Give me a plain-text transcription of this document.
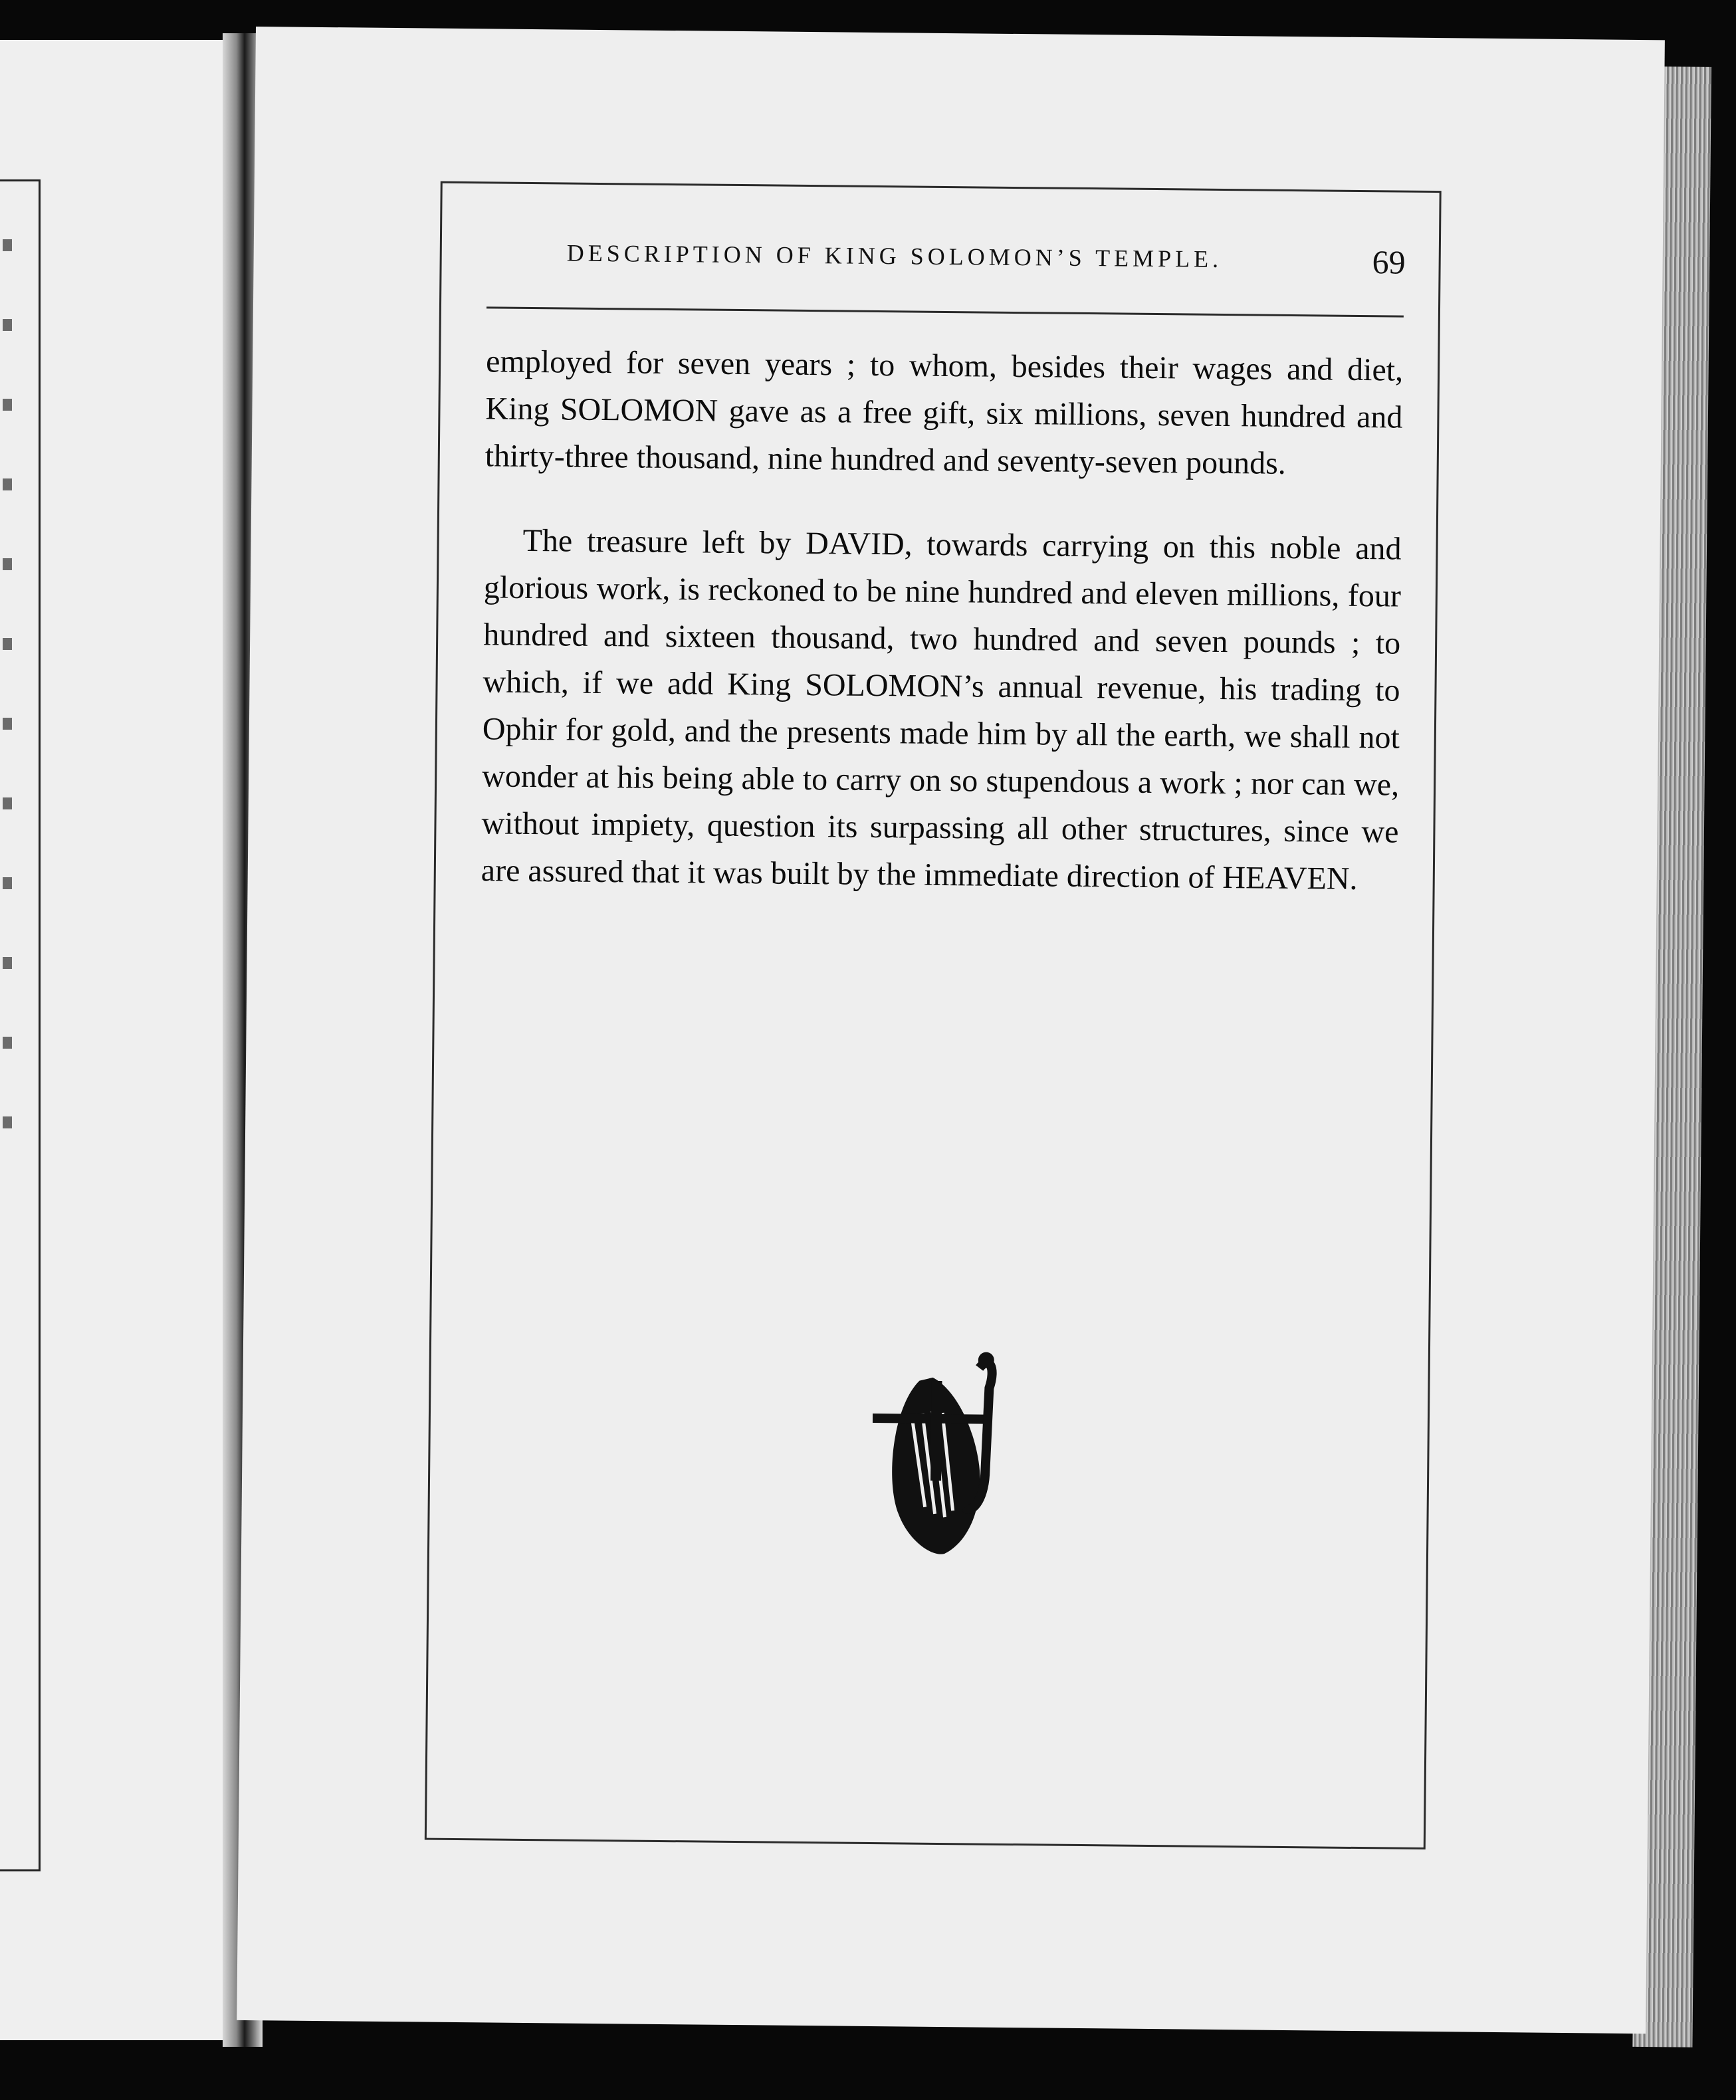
DESCRIPTION OF KING SOLOMON’S TEMPLE.	69

employed for seven years ; to whom, besides their wages and diet, King SOLOMON gave as a free gift, six millions, seven hundred and thirty-three thousand, nine hundred and seventy-seven pounds.

The treasure left by DAVID, towards carrying on this noble and glorious work, is reckoned to be nine hundred and eleven millions, four hundred and sixteen thousand, two hundred and seven pounds ; to which, if we add King SOLOMON’s annual revenue, his trading to Ophir for gold, and the presents made him by all the earth, we shall not wonder at his being able to carry on so stupendous a work ; nor can we, without impiety, question its surpassing all other structures, since we are assured that it was built by the immediate direction of HEAVEN.
